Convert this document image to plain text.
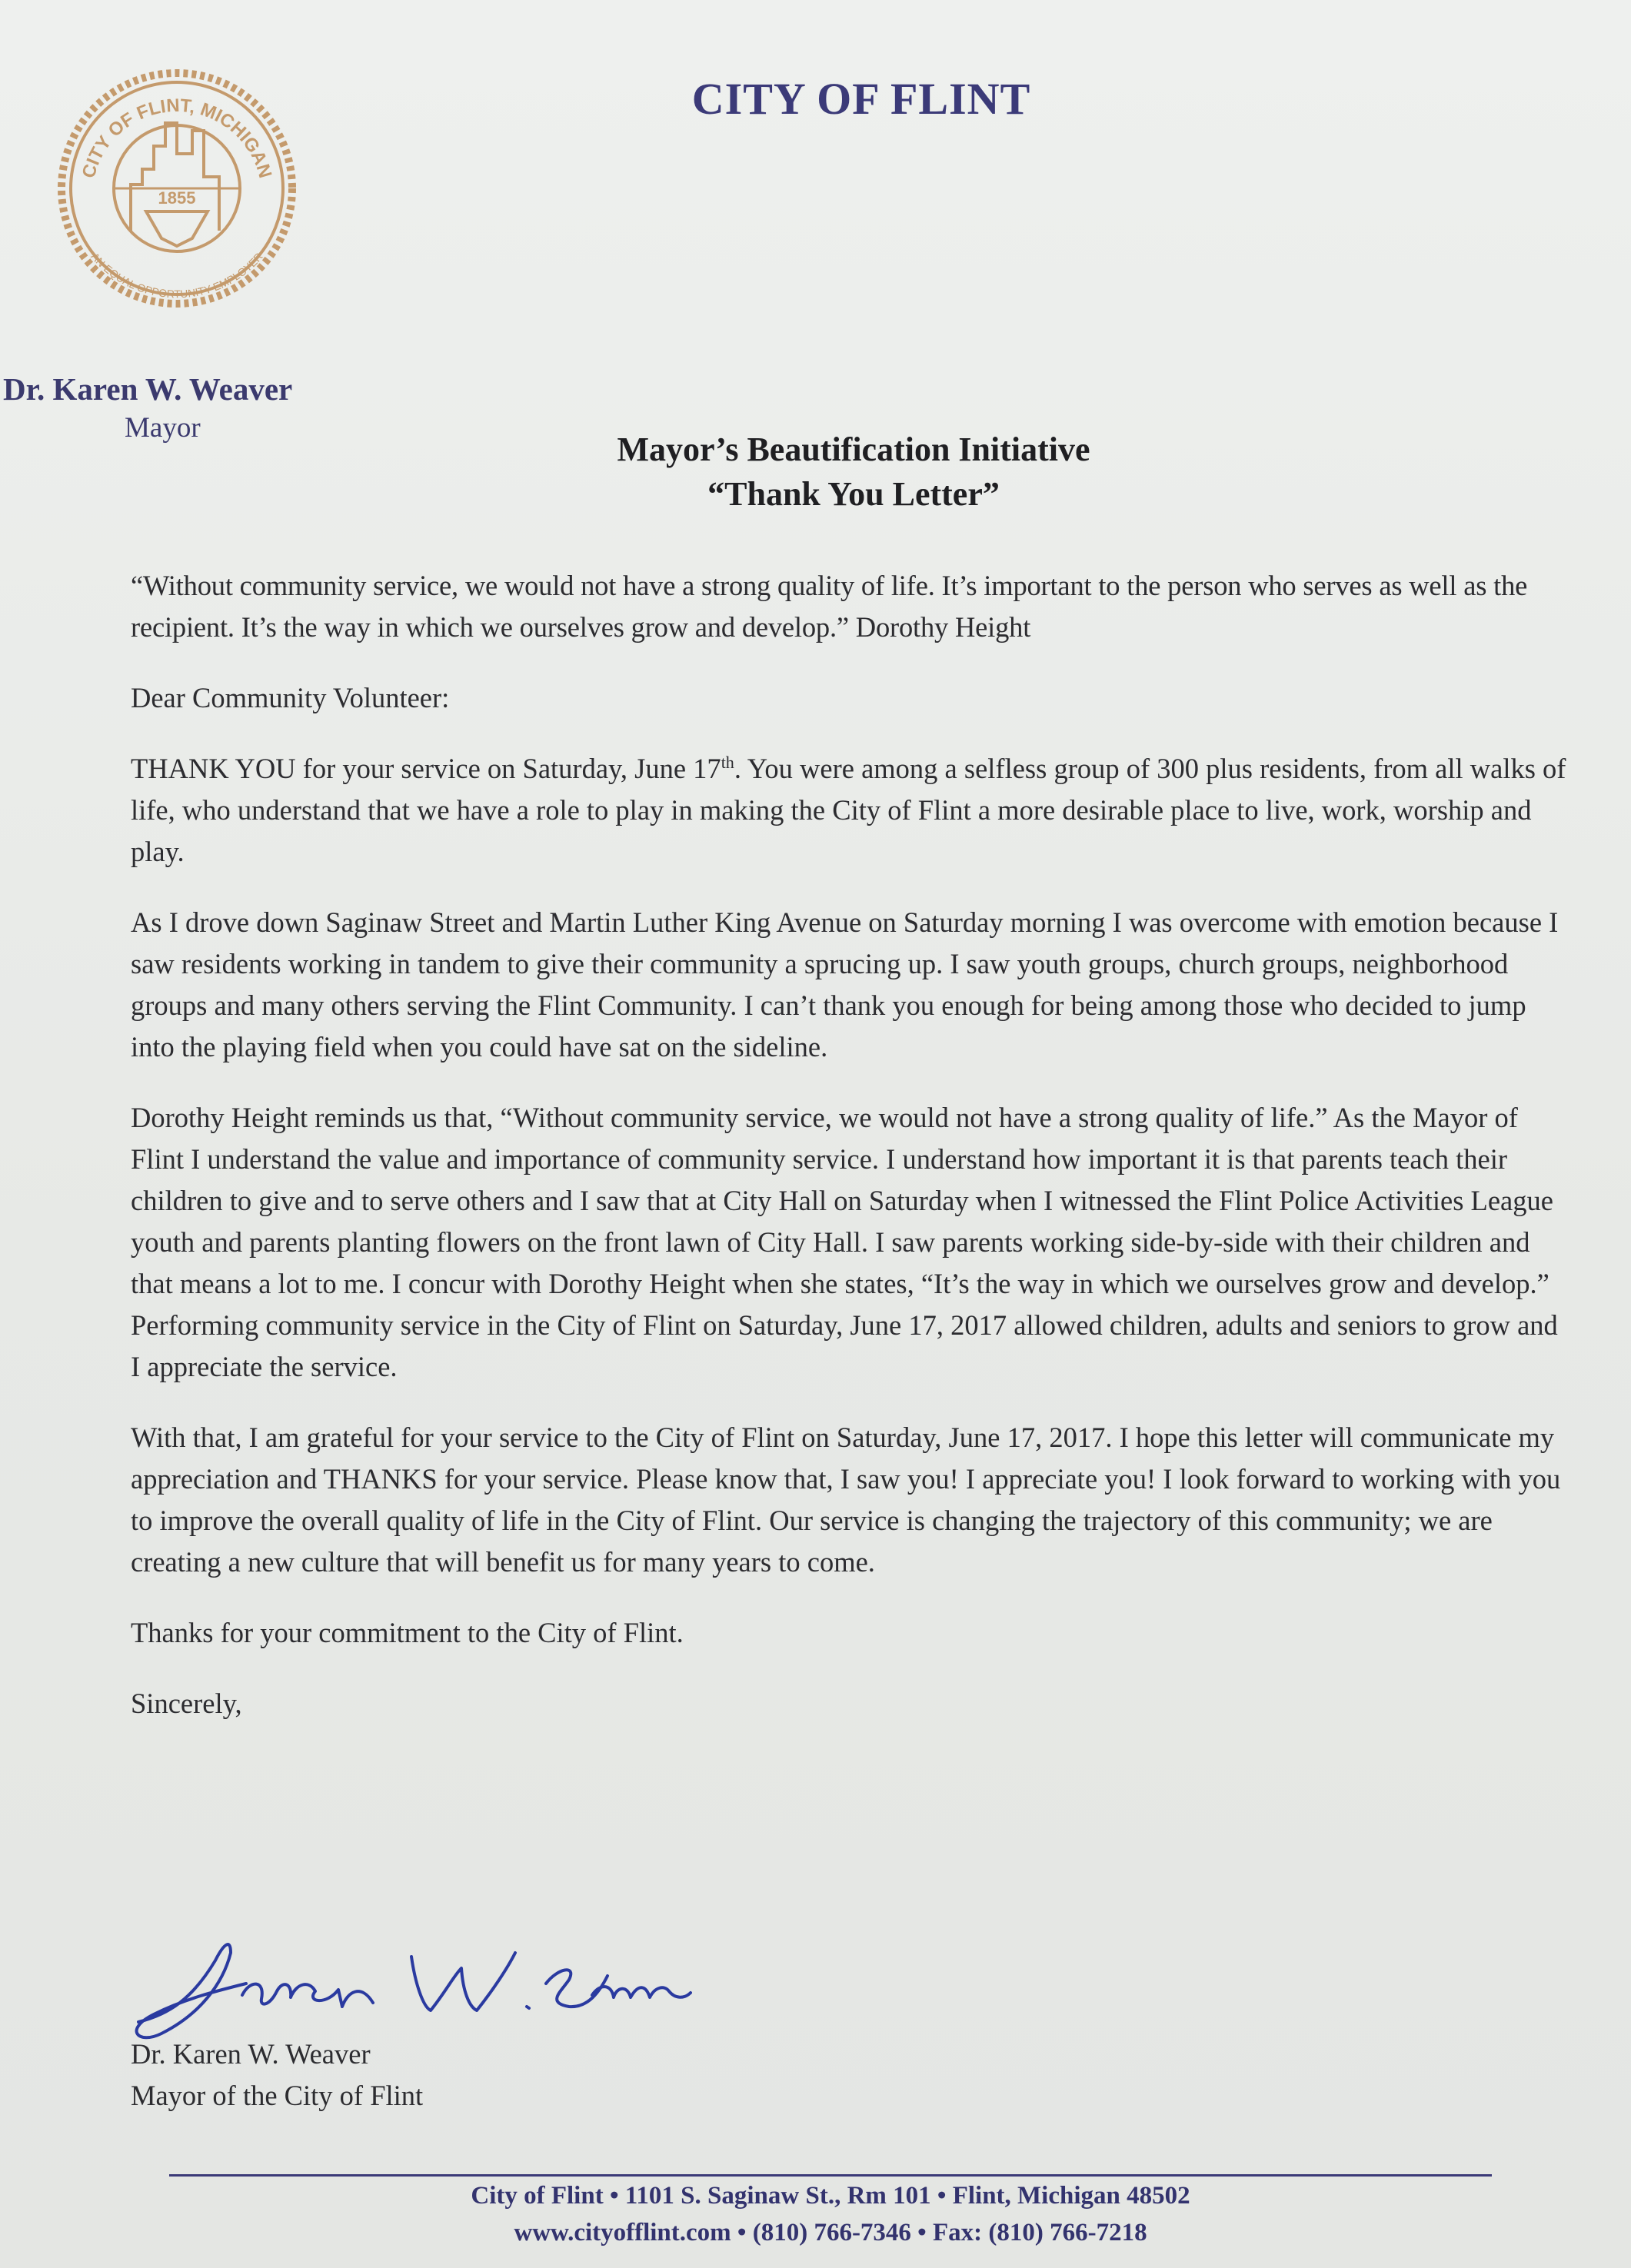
CITY OF FLINT, MICHIGAN
1855
AN EQUAL OPPORTUNITY EMPLOYER
CITY OF FLINT
Dr. Karen W. Weaver
Mayor
Mayor’s Beautification Initiative
“Thank You Letter”

“Without community service, we would not have a strong quality of life. It’s important to the person who serves as well as the recipient. It’s the way in which we ourselves grow and develop.” Dorothy Height

Dear Community Volunteer:

THANK YOU for your service on Saturday, June 17th. You were among a selfless group of 300 plus residents, from all walks of life, who understand that we have a role to play in making the City of Flint a more desirable place to live, work, worship and play.

As I drove down Saginaw Street and Martin Luther King Avenue on Saturday morning I was overcome with emotion because I saw residents working in tandem to give their community a sprucing up. I saw youth groups, church groups, neighborhood groups and many others serving the Flint Community. I can’t thank you enough for being among those who decided to jump into the playing field when you could have sat on the sideline.

Dorothy Height reminds us that, “Without community service, we would not have a strong quality of life.” As the Mayor of Flint I understand the value and importance of community service. I understand how important it is that parents teach their children to give and to serve others and I saw that at City Hall on Saturday when I witnessed the Flint Police Activities League youth and parents planting flowers on the front lawn of City Hall. I saw parents working side-by-side with their children and that means a lot to me. I concur with Dorothy Height when she states, “It’s the way in which we ourselves grow and develop.” Performing community service in the City of Flint on Saturday, June 17, 2017 allowed children, adults and seniors to grow and I appreciate the service.

With that, I am grateful for your service to the City of Flint on Saturday, June 17, 2017. I hope this letter will communicate my appreciation and THANKS for your service. Please know that, I saw you! I appreciate you! I look forward to working with you to improve the overall quality of life in the City of Flint. Our service is changing the trajectory of this community; we are creating a new culture that will benefit us for many years to come.

Thanks for your commitment to the City of Flint.

Sincerely,

Dr. Karen W. Weaver
Mayor of the City of Flint
City of Flint • 1101 S. Saginaw St., Rm 101 • Flint, Michigan 48502
www.cityofflint.com • (810) 766-7346 • Fax: (810) 766-7218
